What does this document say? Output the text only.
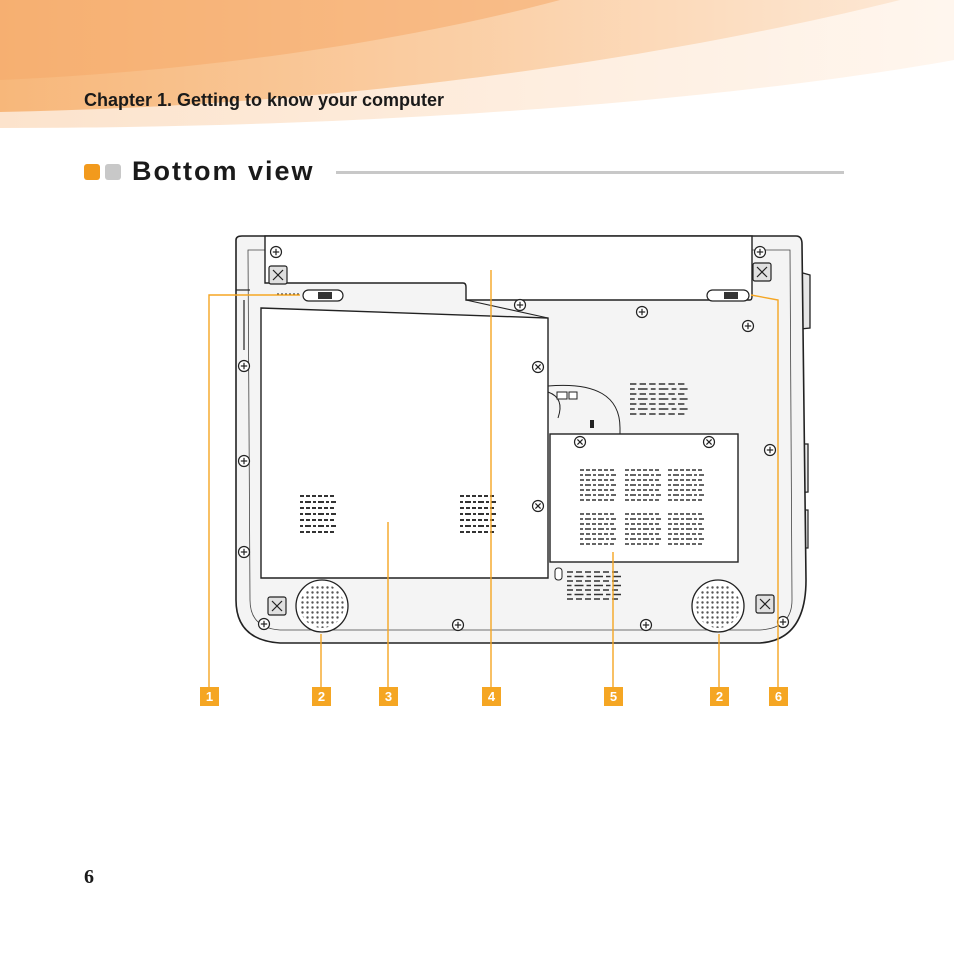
Chapter 1. Getting to know your computer
Bottom view
1	2	3	4	5	2	6
6
